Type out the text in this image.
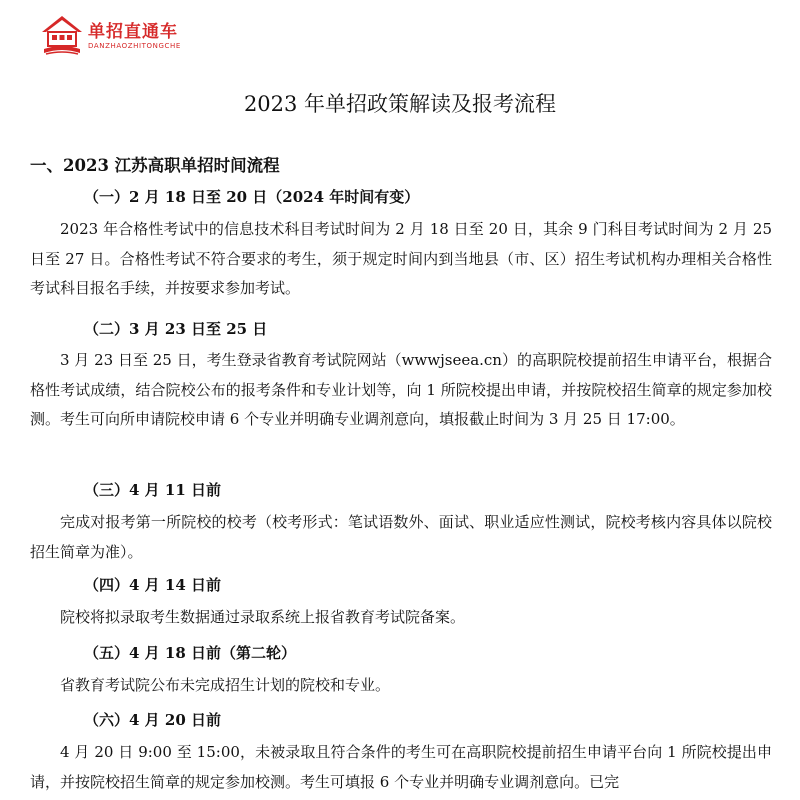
单招直通车
DANZHAOZHITONGCHE
2023 年单招政策解读及报考流程
一、2023 江苏高职单招时间流程
（一）2 月 18 日至 20 日（2024 年时间有变）

2023 年合格性考试中的信息技术科目考试时间为 2 月 18 日至 20 日，其余 9 门科目考试时间为 2 月 25 日至 27 日。合格性考试不符合要求的考生，须于规定时间内到当地县（市、区）招生考试机构办理相关合格性考试科目报名手续，并按要求参加考试。

（二）3 月 23 日至 25 日

3 月 23 日至 25 日，考生登录省教育考试院网站（wwwjseea.cn）的高职院校提前招生申请平台，根据合格性考试成绩，结合院校公布的报考条件和专业计划等，向 1 所院校提出申请，并按院校招生简章的规定参加校测。考生可向所申请院校申请 6 个专业并明确专业调剂意向，填报截止时间为 3 月 25 日 17:00。

（三）4 月 11 日前

完成对报考第一所院校的校考（校考形式：笔试语数外、面试、职业适应性测试，院校考核内容具体以院校招生简章为准）。

（四）4 月 14 日前

院校将拟录取考生数据通过录取系统上报省教育考试院备案。

（五）4 月 18 日前（第二轮）

省教育考试院公布未完成招生计划的院校和专业。

（六）4 月 20 日前

4 月 20 日 9:00 至 15:00，未被录取且符合条件的考生可在高职院校提前招生申请平台向 1 所院校提出申请，并按院校招生简章的规定参加校测。考生可填报 6 个专业并明确专业调剂意向。已完
